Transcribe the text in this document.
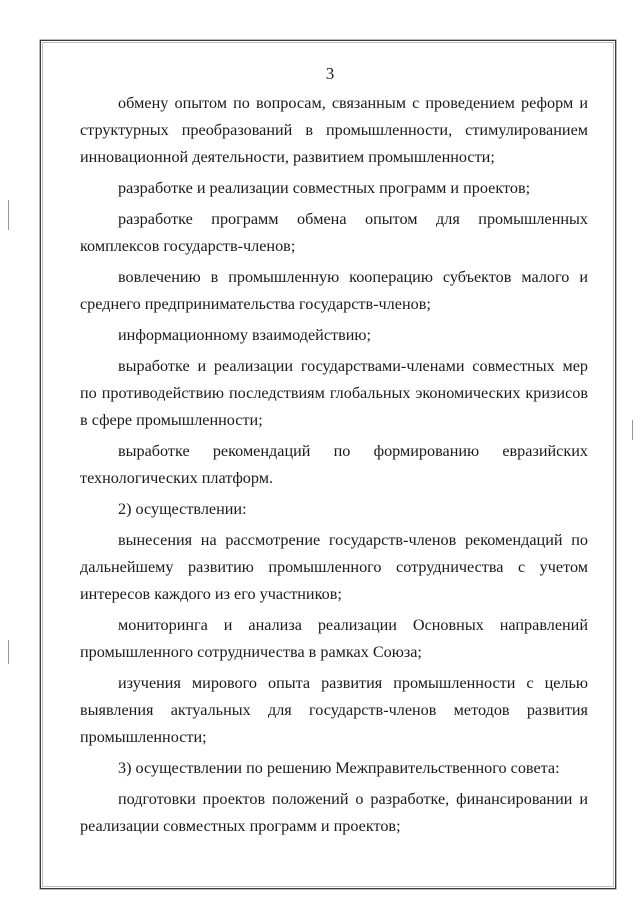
3

обмену опытом по вопросам, связанным с проведением реформ и структурных преобразований в промышленности, стимулированием инновационной деятельности, развитием промышленности;

разработке и реализации совместных программ и проектов;

разработке программ обмена опытом для промышленных комплексов государств-членов;

вовлечению в промышленную кооперацию субъектов малого и среднего предпринимательства государств-членов;

информационному взаимодействию;

выработке и реализации государствами-членами совместных мер по противодействию последствиям глобальных экономических кризисов в сфере промышленности;

выработке рекомендаций по формированию евразийских технологических платформ.

2) осуществлении:

вынесения на рассмотрение государств-членов рекомендаций по дальнейшему развитию промышленного сотрудничества с учетом интересов каждого из его участников;

мониторинга и анализа реализации Основных направлений промышленного сотрудничества в рамках Союза;

изучения мирового опыта развития промышленности с целью выявления актуальных для государств-членов методов развития промышленности;

3) осуществлении по решению Межправительственного совета:

подготовки проектов положений о разработке, финансировании и реализации совместных программ и проектов;
